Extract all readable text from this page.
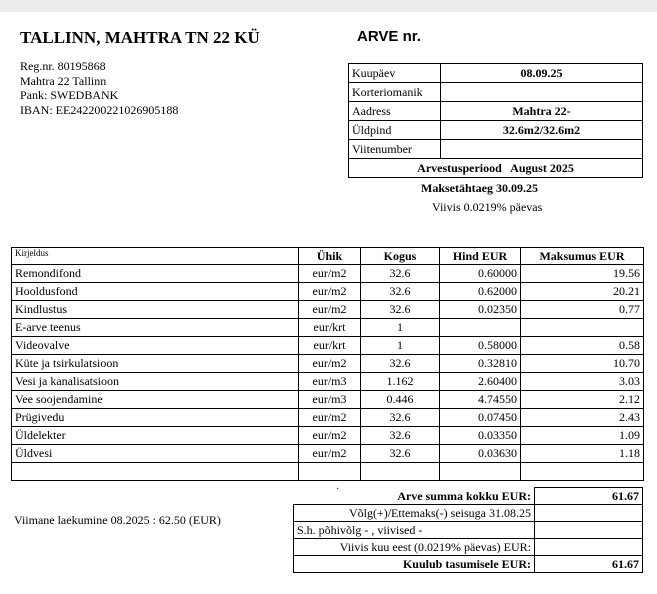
TALLINN, MAHTRA TN 22 KÜ	ARVE nr.
Reg.nr. 80195868
Mahtra 22 Tallinn
Pank: SWEDBANK
IBAN: EE242200221026905188
Kuupäev	08.09.25
Korteriomanik	
Aadress	Mahtra 22-
Üldpind	32.6m2/32.6m2
Viitenumber	
Arvestusperiood   August 2025	
Maksetähtaeg 30.09.25
Viivis 0.0219% päevas
Kirjeldus	Ühik	Kogus	Hind EUR	Maksumus EUR
Remondifond	eur/m2	32.6	0.60000	19.56
Hooldusfond	eur/m2	32.6	0.62000	20.21
Kindlustus	eur/m2	32.6	0.02350	0.77
E-arve teenus	eur/krt	1		
Videovalve	eur/krt	1	0.58000	0.58
Küte ja tsirkulatsioon	eur/m2	32.6	0.32810	10.70
Vesi ja kanalisatsioon	eur/m3	1.162	2.60400	3.03
Vee soojendamine	eur/m3	0.446	4.74550	2.12
Prügivedu	eur/m2	32.6	0.07450	2.43
Üldelekter	eur/m2	32.6	0.03350	1.09
Üldvesi	eur/m2	32.6	0.03630	1.18

·	Arve summa kokku EUR:	61.67
Võlg(+)/Ettemaks(-) seisuga 31.08.25	
S.h. põhivõlg - , viivised -	
Viivis kuu eest (0.0219% päevas) EUR:	
Kuulub tasumisele EUR:	61.67
Viimane laekumine 08.2025 : 62.50 (EUR)
